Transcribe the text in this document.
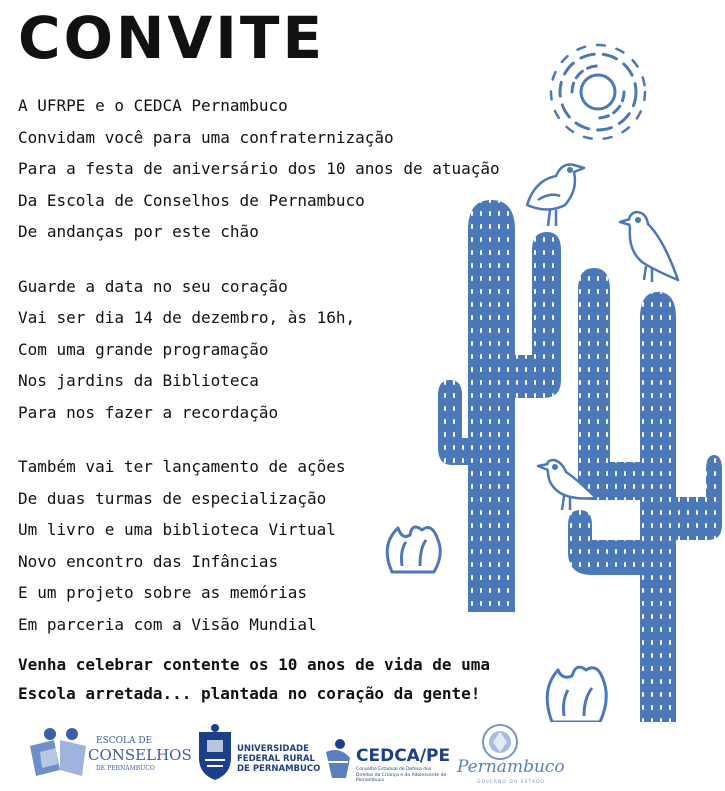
CONVITE
A UFRPE e o CEDCA Pernambuco
Convidam você para uma confraternização
Para a festa de aniversário dos 10 anos de atuação
Da Escola de Conselhos de Pernambuco
De andanças por este chão
Guarde a data no seu coração
Vai ser dia 14 de dezembro, às 16h,
Com uma grande programação
Nos jardins da Biblioteca
Para nos fazer a recordação
Também vai ter lançamento de ações
De duas turmas de especialização
Um livro e uma biblioteca Virtual
Novo encontro das Infâncias
E um projeto sobre as memórias
Em parceria com a Visão Mundial
Venha celebrar contente os 10 anos de vida de uma
Escola arretada... plantada no coração da gente!
ESCOLA DE
CONSELHOS
DE PERNAMBUCO
UNIVERSIDADE
FEDERAL RURAL
DE PERNAMBUCO
CEDCA/PE
Conselho Estadual de Defesa dos Direitos da Criança e do Adolescente de Pernambuco
Pernambuco
GOVERNO DO ESTADO
